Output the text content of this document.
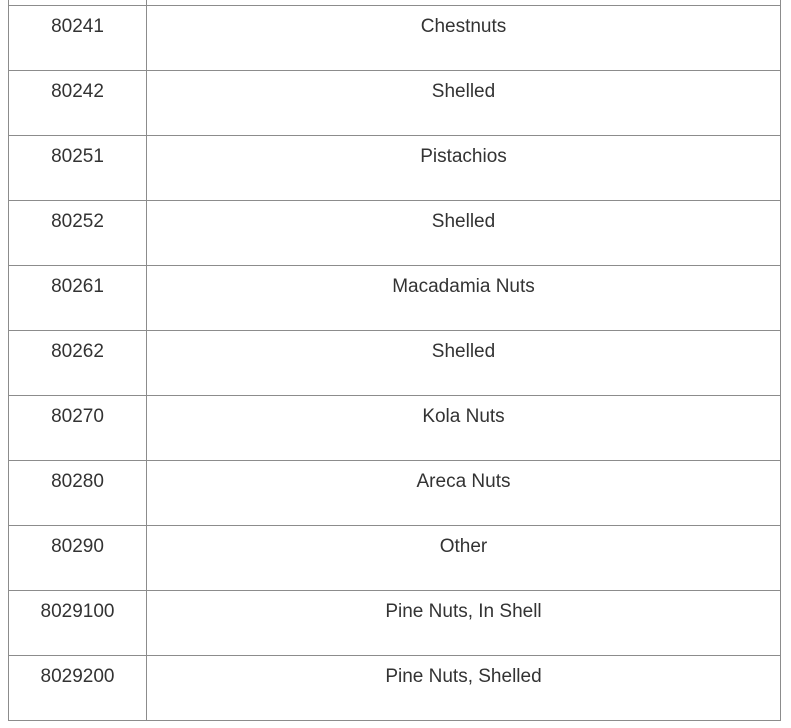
80241	Chestnuts

80242	Shelled

80251	Pistachios

80252	Shelled

80261	Macadamia Nuts

80262	Shelled

80270	Kola Nuts

80280	Areca Nuts

80290	Other

8029100	Pine Nuts, In Shell

8029200	Pine Nuts, Shelled
